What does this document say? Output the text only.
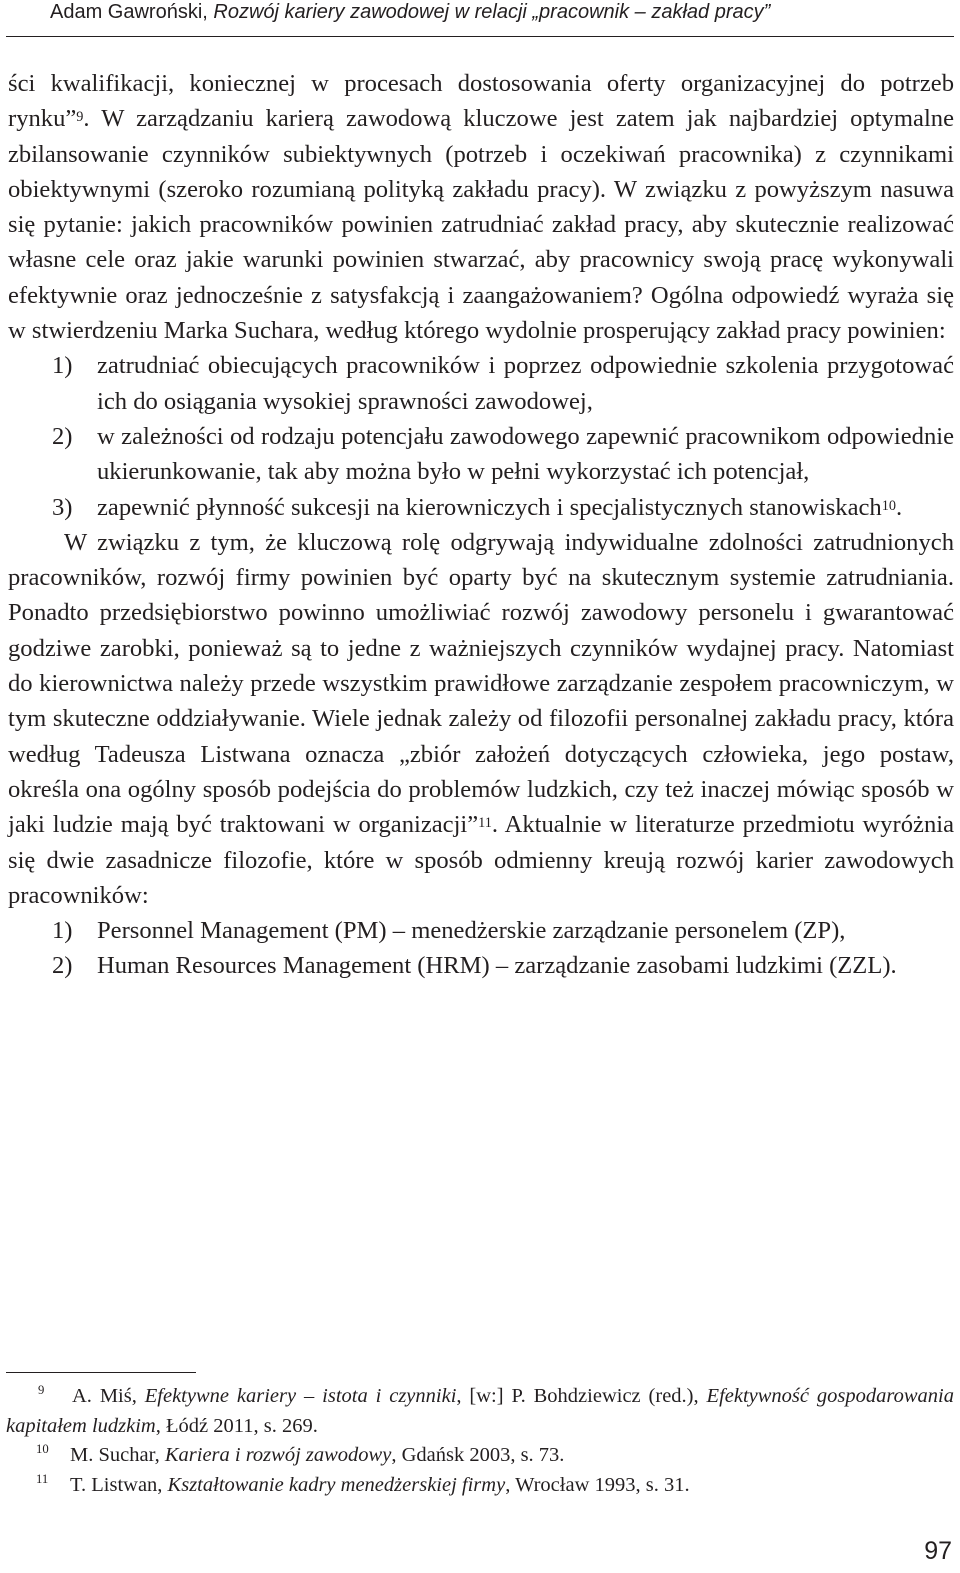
Adam Gawroński, Rozwój kariery zawodowej w relacji „pracownik – zakład pracy”

ści kwalifikacji, koniecznej w procesach dostosowania oferty organizacyjnej do potrzeb rynku”$^9$. W zarządzaniu karierą zawodową kluczowe jest zatem jak najbardziej optymalne zbilansowanie czynników subiektywnych (potrzeb i oczekiwań pracownika) z czynnikami obiektywnymi (szeroko rozumianą polityką zakładu pracy). W związku z powyższym nasuwa się pytanie: jakich pracowników powinien zatrudniać zakład pracy, aby skutecznie realizować własne cele oraz jakie warunki powinien stwarzać, aby pracownicy swoją pracę wykonywali efektywnie oraz jednocześnie z satysfakcją i zaangażowaniem? Ogólna odpowiedź wyraża się w stwierdzeniu Marka Suchara, według którego wydolnie prosperujący zakład pracy powinien:

1) zatrudniać obiecujących pracowników i poprzez odpowiednie szkolenia przygotować ich do osiągania wysokiej sprawności zawodowej,
2) w zależności od rodzaju potencjału zawodowego zapewnić pracownikom odpowiednie ukierunkowanie, tak aby można było w pełni wykorzystać ich potencjał,
3) zapewnić płynność sukcesji na kierowniczych i specjalistycznych stanowiskach$^{10}$.

W związku z tym, że kluczową rolę odgrywają indywidualne zdolności zatrudnionych pracowników, rozwój firmy powinien być oparty być na skutecznym systemie zatrudniania. Ponadto przedsiębiorstwo powinno umożliwiać rozwój zawodowy personelu i gwarantować godziwe zarobki, ponieważ są to jedne z ważniejszych czynników wydajnej pracy. Natomiast do kierownictwa należy przede wszystkim prawidłowe zarządzanie zespołem pracowniczym, w tym skuteczne oddziaływanie. Wiele jednak zależy od filozofii personalnej zakładu pracy, która według Tadeusza Listwana oznacza „zbiór założeń dotyczących człowieka, jego postaw, określa ona ogólny sposób podejścia do problemów ludzkich, czy też inaczej mówiąc sposób w jaki ludzie mają być traktowani w organizacji”$^{11}$. Aktualnie w literaturze przedmiotu wyróżnia się dwie zasadnicze filozofie, które w sposób odmienny kreują rozwój karier zawodowych pracowników:

1) Personnel Management (PM) – menedżerskie zarządzanie personelem (ZP),
2) Human Resources Management (HRM) – zarządzanie zasobami ludzkimi (ZZL).

9 A. Miś, Efektywne kariery – istota i czynniki, [w:] P. Bohdziewicz (red.), Efektywność gospodarowania kapitałem ludzkim, Łódź 2011, s. 269.

10 M. Suchar, Kariera i rozwój zawodowy, Gdańsk 2003, s. 73.

11 T. Listwan, Kształtowanie kadry menedżerskiej firmy, Wrocław 1993, s. 31.

97
